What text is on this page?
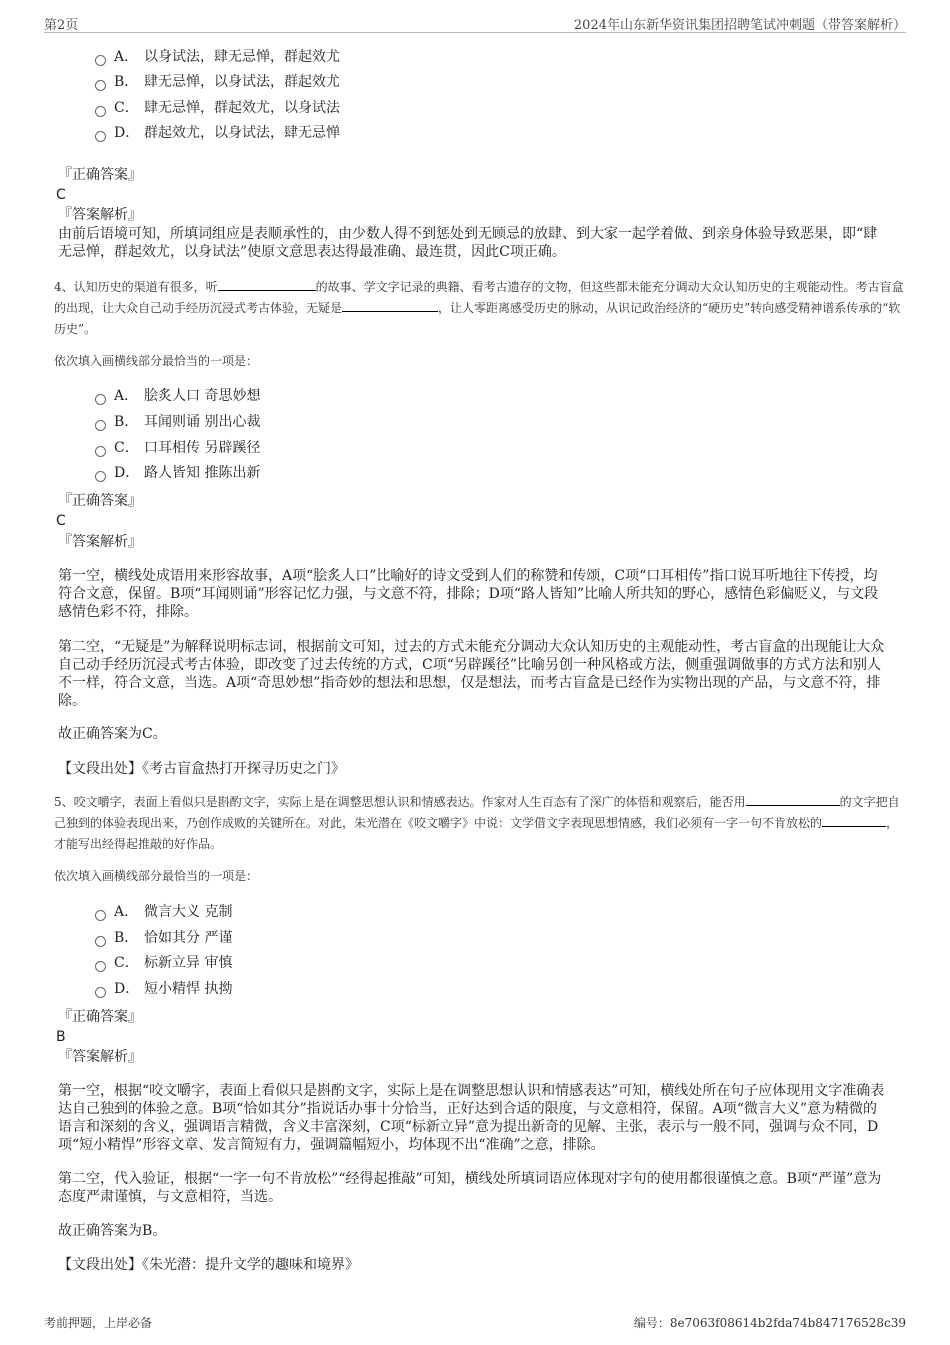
第2页	2024年山东新华资讯集团招聘笔试冲刺题（带答案解析）
A． 以身试法，肆无忌惮，群起效尤
B． 肆无忌惮，以身试法，群起效尤
C． 肆无忌惮，群起效尤，以身试法
D． 群起效尤，以身试法，肆无忌惮
『正确答案』
C
『答案解析』

由前后语境可知，所填词组应是表顺承性的，由少数人得不到惩处到无顾忌的放肆、到大家一起学着做、到亲身体验导致恶果，即“肆无忌惮，群起效尤，以身试法”使原文意思表达得最准确、最连贯，因此C项正确。

4、认知历史的渠道有很多，听	的故事、学文字记录的典籍、看考古遗存的文物，但这些都未能充分调动大众认知历史的主观能动性。考古盲盒的出现，让大众自己动手经历沉浸式考古体验，无疑是	，让人零距离感受历史的脉动，从识记政治经济的“硬历史”转向感受精神谱系传承的“软历史”。

依次填入画横线部分最恰当的一项是：
A． 脍炙人口 奇思妙想
B． 耳闻则诵 别出心裁
C． 口耳相传 另辟蹊径
D． 路人皆知 推陈出新
『正确答案』
C
『答案解析』

第一空，横线处成语用来形容故事，A项“脍炙人口”比喻好的诗文受到人们的称赞和传颂，C项“口耳相传”指口说耳听地往下传授，均符合文意，保留。B项“耳闻则诵”形容记忆力强，与文意不符，排除；D项“路人皆知”比喻人所共知的野心，感情色彩偏贬义，与文段感情色彩不符，排除。

第二空，“无疑是”为解释说明标志词，根据前文可知，过去的方式未能充分调动大众认知历史的主观能动性，考古盲盒的出现能让大众自己动手经历沉浸式考古体验，即改变了过去传统的方式，C项“另辟蹊径”比喻另创一种风格或方法，侧重强调做事的方式方法和别人不一样，符合文意，当选。A项“奇思妙想”指奇妙的想法和思想，仅是想法，而考古盲盒是已经作为实物出现的产品，与文意不符，排除。

故正确答案为C。

【文段出处】《考古盲盒热打开探寻历史之门》

5、咬文嚼字，表面上看似只是斟酌文字，实际上是在调整思想认识和情感表达。作家对人生百态有了深广的体悟和观察后，能否用	的文字把自己独到的体验表现出来，乃创作成败的关键所在。对此，朱光潜在《咬文嚼字》中说：文学借文字表现思想情感，我们必须有一字一句不肯放松的	，才能写出经得起推敲的好作品。

依次填入画横线部分最恰当的一项是：
A． 微言大义 克制
B． 恰如其分 严谨
C． 标新立异 审慎
D． 短小精悍 执拗
『正确答案』
B
『答案解析』

第一空，根据“咬文嚼字，表面上看似只是斟酌文字，实际上是在调整思想认识和情感表达”可知，横线处所在句子应体现用文字准确表达自己独到的体验之意。B项“恰如其分”指说话办事十分恰当，正好达到合适的限度，与文意相符，保留。A项“微言大义”意为精微的语言和深刻的含义，强调语言精微，含义丰富深刻，C项“标新立异”意为提出新奇的见解、主张，表示与一般不同，强调与众不同，D项“短小精悍”形容文章、发言简短有力，强调篇幅短小，均体现不出“准确”之意，排除。

第二空，代入验证，根据“一字一句不肯放松”“经得起推敲”可知，横线处所填词语应体现对字句的使用都很谨慎之意。B项“严谨”意为态度严肃谨慎，与文意相符，当选。

故正确答案为B。

【文段出处】《朱光潜：提升文学的趣味和境界》

考前押题，上岸必备	编号：8e7063f08614b2fda74b847176528c39
